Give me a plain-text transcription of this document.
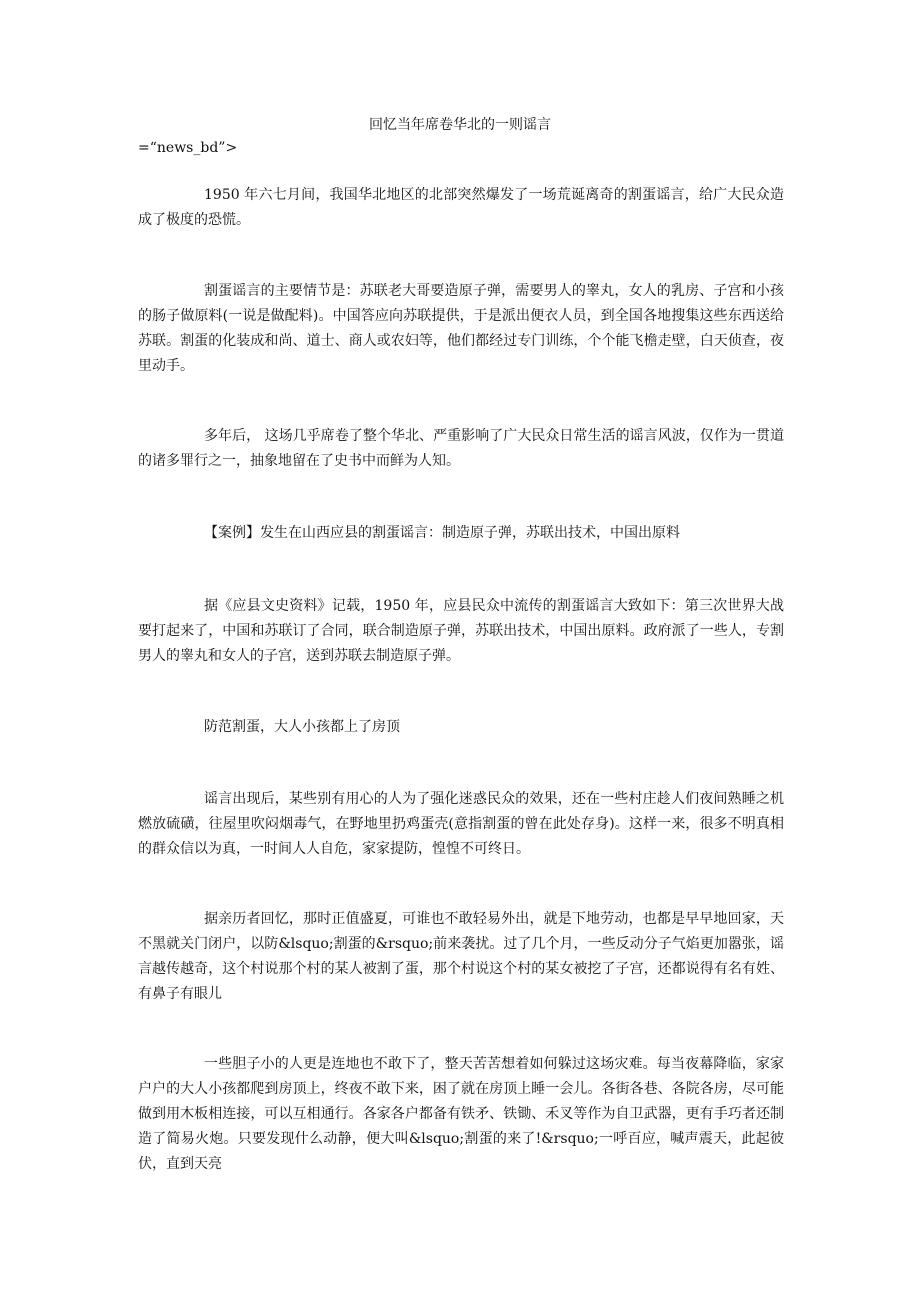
回忆当年席卷华北的一则谣言
=“news_bd”>

1950 年六七月间，我国华北地区的北部突然爆发了一场荒诞离奇的割蛋谣言，给广大民众造成了极度的恐慌。

割蛋谣言的主要情节是：苏联老大哥要造原子弹，需要男人的睾丸，女人的乳房、子宫和小孩的肠子做原料(一说是做配料)。中国答应向苏联提供，于是派出便衣人员，到全国各地搜集这些东西送给苏联。割蛋的化装成和尚、道士、商人或农妇等，他们都经过专门训练，个个能飞檐走壁，白天侦查，夜里动手。

多年后， 这场几乎席卷了整个华北、严重影响了广大民众日常生活的谣言风波，仅作为一贯道的诸多罪行之一，抽象地留在了史书中而鲜为人知。

【案例】发生在山西应县的割蛋谣言：制造原子弹，苏联出技术，中国出原料

据《应县文史资料》记载，1950 年，应县民众中流传的割蛋谣言大致如下：第三次世界大战要打起来了，中国和苏联订了合同，联合制造原子弹，苏联出技术，中国出原料。政府派了一些人，专割男人的睾丸和女人的子宫，送到苏联去制造原子弹。

防范割蛋，大人小孩都上了房顶

谣言出现后，某些别有用心的人为了强化迷惑民众的效果，还在一些村庄趁人们夜间熟睡之机燃放硫磺，往屋里吹闷烟毒气，在野地里扔鸡蛋壳(意指割蛋的曾在此处存身)。这样一来，很多不明真相的群众信以为真，一时间人人自危，家家提防，惶惶不可终日。

据亲历者回忆，那时正值盛夏，可谁也不敢轻易外出，就是下地劳动，也都是早早地回家，天不黑就关门闭户，以防&lsquo;割蛋的&rsquo;前来袭扰。过了几个月，一些反动分子气焰更加嚣张，谣言越传越奇，这个村说那个村的某人被割了蛋，那个村说这个村的某女被挖了子宫，还都说得有名有姓、有鼻子有眼儿

一些胆子小的人更是连地也不敢下了，整天苦苦想着如何躲过这场灾难。每当夜幕降临，家家户户的大人小孩都爬到房顶上，终夜不敢下来，困了就在房顶上睡一会儿。各街各巷、各院各房，尽可能做到用木板相连接，可以互相通行。各家各户都备有铁矛、铁锄、禾叉等作为自卫武器，更有手巧者还制造了简易火炮。只要发现什么动静，便大叫&lsquo;割蛋的来了!&rsquo;一呼百应，喊声震天，此起彼伏，直到天亮
